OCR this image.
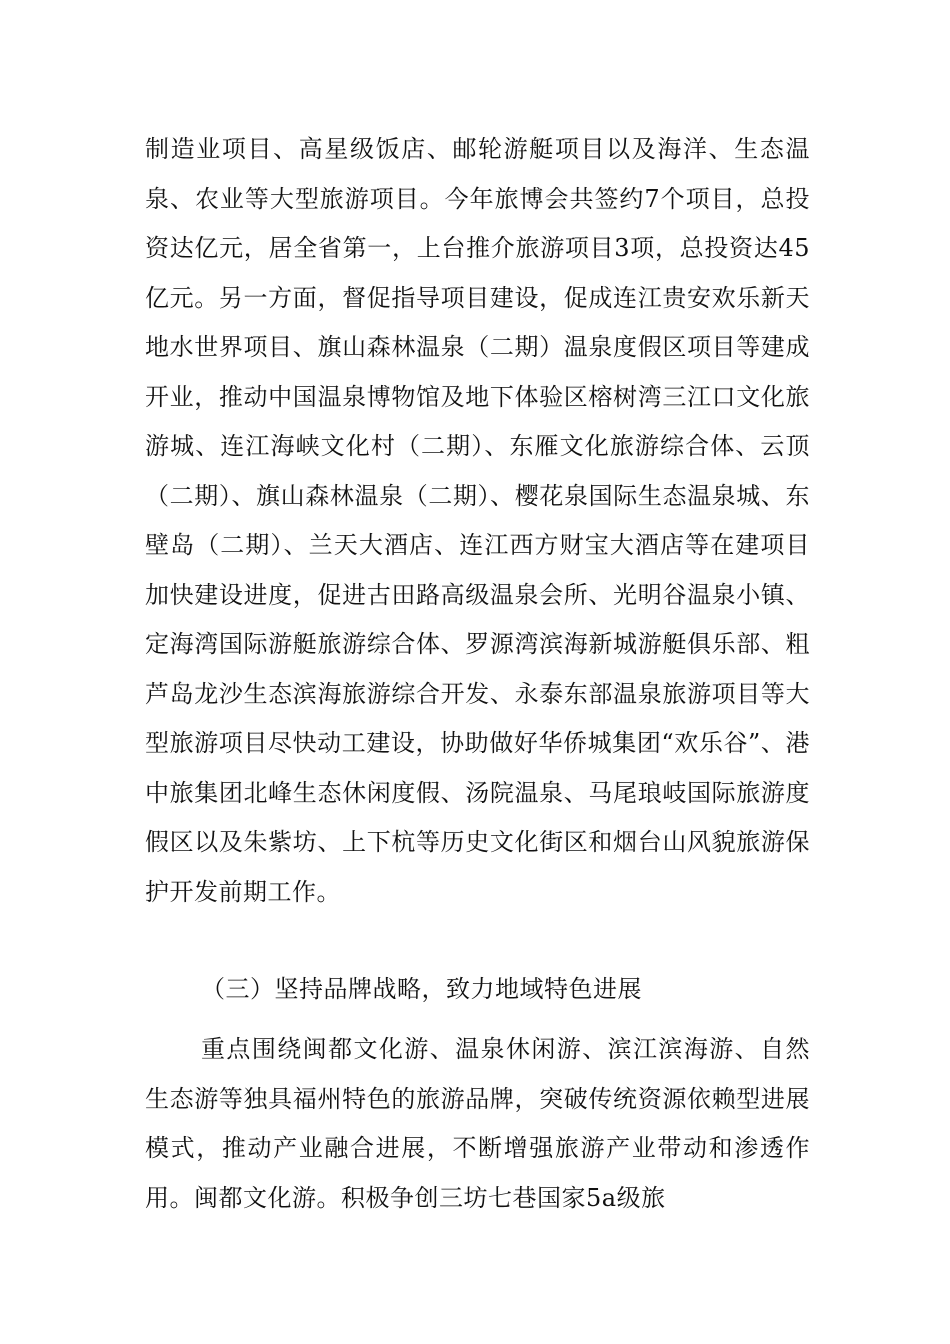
制造业项目、高星级饭店、邮轮游艇项目以及海洋、生态温泉、农业等大型旅游项目。今年旅博会共签约7个项目，总投资达亿元，居全省第一，上台推介旅游项目3项，总投资达45亿元。另一方面，督促指导项目建设，促成连江贵安欢乐新天地水世界项目、旗山森林温泉（二期）温泉度假区项目等建成开业，推动中国温泉博物馆及地下体验区榕树湾三江口文化旅游城、连江海峡文化村（二期）、东雁文化旅游综合体、云顶（二期）、旗山森林温泉（二期）、樱花泉国际生态温泉城、东壁岛（二期）、兰天大酒店、连江西方财宝大酒店等在建项目加快建设进度，促进古田路高级温泉会所、光明谷温泉小镇、定海湾国际游艇旅游综合体、罗源湾滨海新城游艇俱乐部、粗芦岛龙沙生态滨海旅游综合开发、永泰东部温泉旅游项目等大型旅游项目尽快动工建设，协助做好华侨城集团“欢乐谷”、港中旅集团北峰生态休闲度假、汤院温泉、马尾琅岐国际旅游度假区以及朱紫坊、上下杭等历史文化街区和烟台山风貌旅游保护开发前期工作。

（三）坚持品牌战略，致力地域特色进展

重点围绕闽都文化游、温泉休闲游、滨江滨海游、自然生态游等独具福州特色的旅游品牌，突破传统资源依赖型进展模式，推动产业融合进展，不断增强旅游产业带动和渗透作用。闽都文化游。积极争创三坊七巷国家5a级旅
